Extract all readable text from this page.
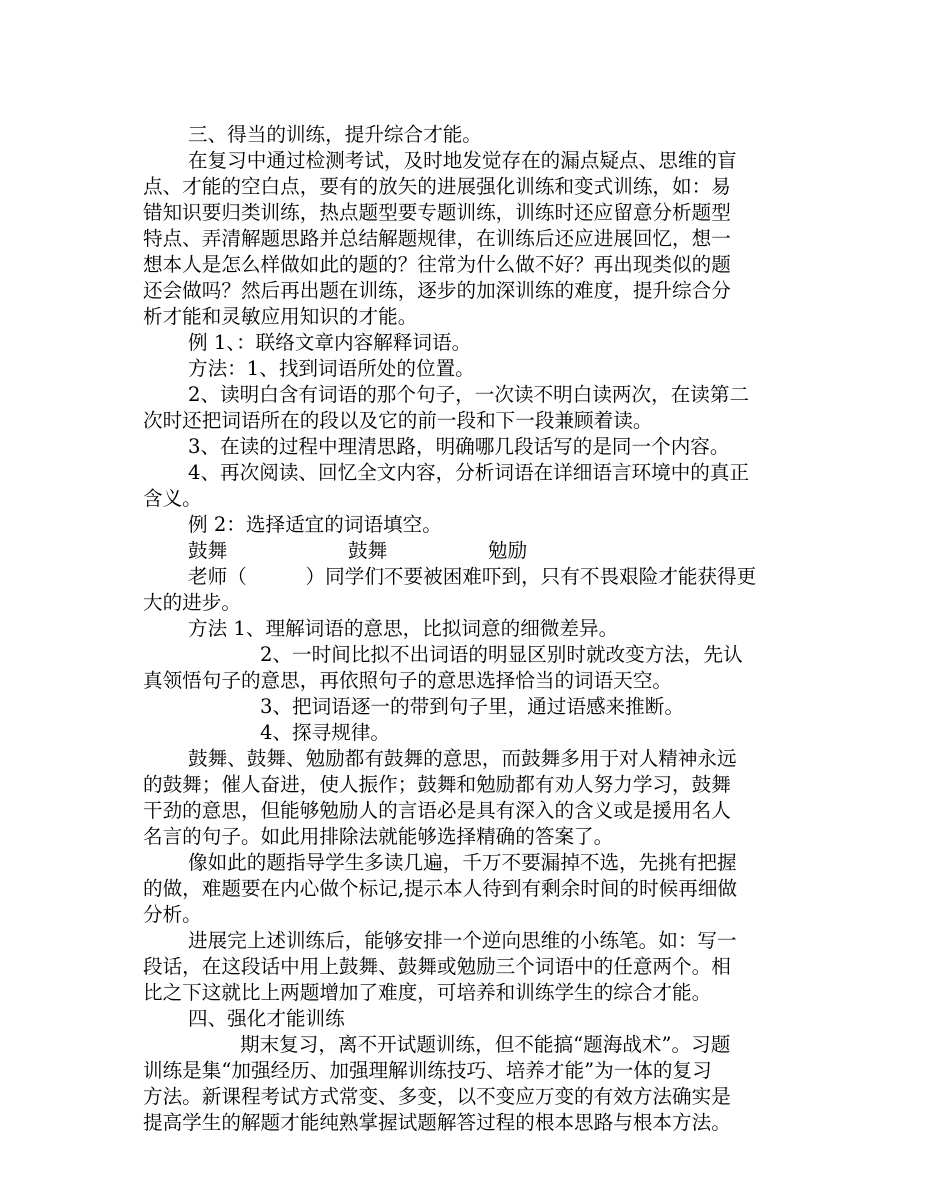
三、得当的训练，提升综合才能。
在复习中通过检测考试，及时地发觉存在的漏点疑点、思维的盲
点、才能的空白点，要有的放矢的进展强化训练和变式训练，如：易
错知识要归类训练，热点题型要专题训练，训练时还应留意分析题型
特点、弄清解题思路并总结解题规律，在训练后还应进展回忆，想一
想本人是怎么样做如此的题的？往常为什么做不好？再出现类似的题
还会做吗？然后再出题在训练，逐步的加深训练的难度，提升综合分
析才能和灵敏应用知识的才能。
例 1、：联络文章内容解释词语。
方法：1、找到词语所处的位置。
2、读明白含有词语的那个句子，一次读不明白读两次，在读第二
次时还把词语所在的段以及它的前一段和下一段兼顾着读。
3、在读的过程中理清思路，明确哪几段话写的是同一个内容。
4、再次阅读、回忆全文内容，分析词语在详细语言环境中的真正
含义。
例 2：选择适宜的词语填空。
鼓舞	鼓舞	勉励
老师（　　　）同学们不要被困难吓到，只有不畏艰险才能获得更
大的进步。
方法 1、理解词语的意思，比拟词意的细微差异。
2、一时间比拟不出词语的明显区别时就改变方法，先认
真领悟句子的意思，再依照句子的意思选择恰当的词语天空。
3、把词语逐一的带到句子里，通过语感来推断。
4、探寻规律。
鼓舞、鼓舞、勉励都有鼓舞的意思，而鼓舞多用于对人精神永远
的鼓舞；催人奋进，使人振作；鼓舞和勉励都有劝人努力学习，鼓舞
干劲的意思，但能够勉励人的言语必是具有深入的含义或是援用名人
名言的句子。如此用排除法就能够选择精确的答案了。
像如此的题指导学生多读几遍，千万不要漏掉不选，先挑有把握
的做，难题要在内心做个标记,提示本人待到有剩余时间的时候再细做
分析。
进展完上述训练后，能够安排一个逆向思维的小练笔。如：写一
段话，在这段话中用上鼓舞、鼓舞或勉励三个词语中的任意两个。相
比之下这就比上两题增加了难度，可培养和训练学生的综合才能。
四、强化才能训练
期末复习，离不开试题训练，但不能搞“题海战术”。习题
训练是集“加强经历、加强理解训练技巧、培养才能”为一体的复习
方法。新课程考试方式常变、多变，以不变应万变的有效方法确实是
提高学生的解题才能纯熟掌握试题解答过程的根本思路与根本方法。
